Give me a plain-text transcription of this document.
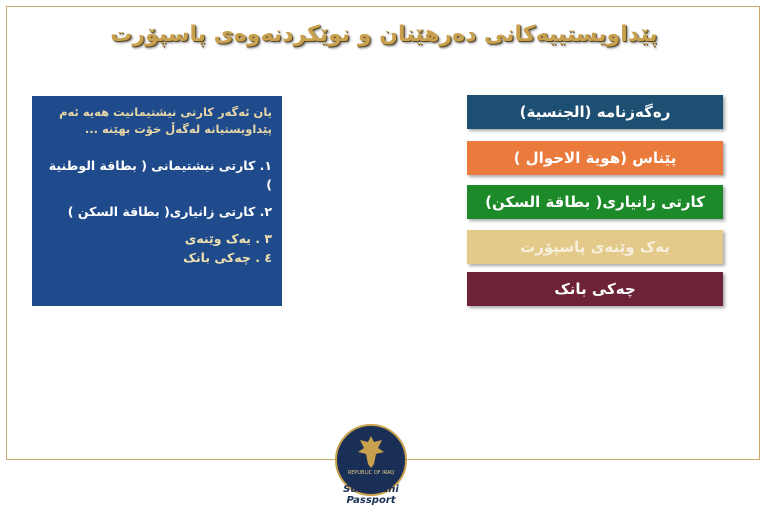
پێداویستییەکانی دەرهێنان و نوێکردنەوەی پاسپۆرت
یان ئەگەر کارتی نیشتیمانیت هەیە ئەم پێداویستیانە لەگەڵ خۆت بهێنە ...
١. کارتی نیشتیمانی ( بطاقة الوطنیة )
٢. کارتی زانیاری( بطاقة السکن )
٣ . یەک وێنەی
٤ . چەکی بانک
رەگەزنامە (الجنسیة)
پێناس (هویة الاحوال )
کارتی زانیاری( بطاقة السکن)
یەک وێنەی پاسپۆرت
چەکی بانک
REPUBLIC OF IRAQ
Sulaimani Passport
